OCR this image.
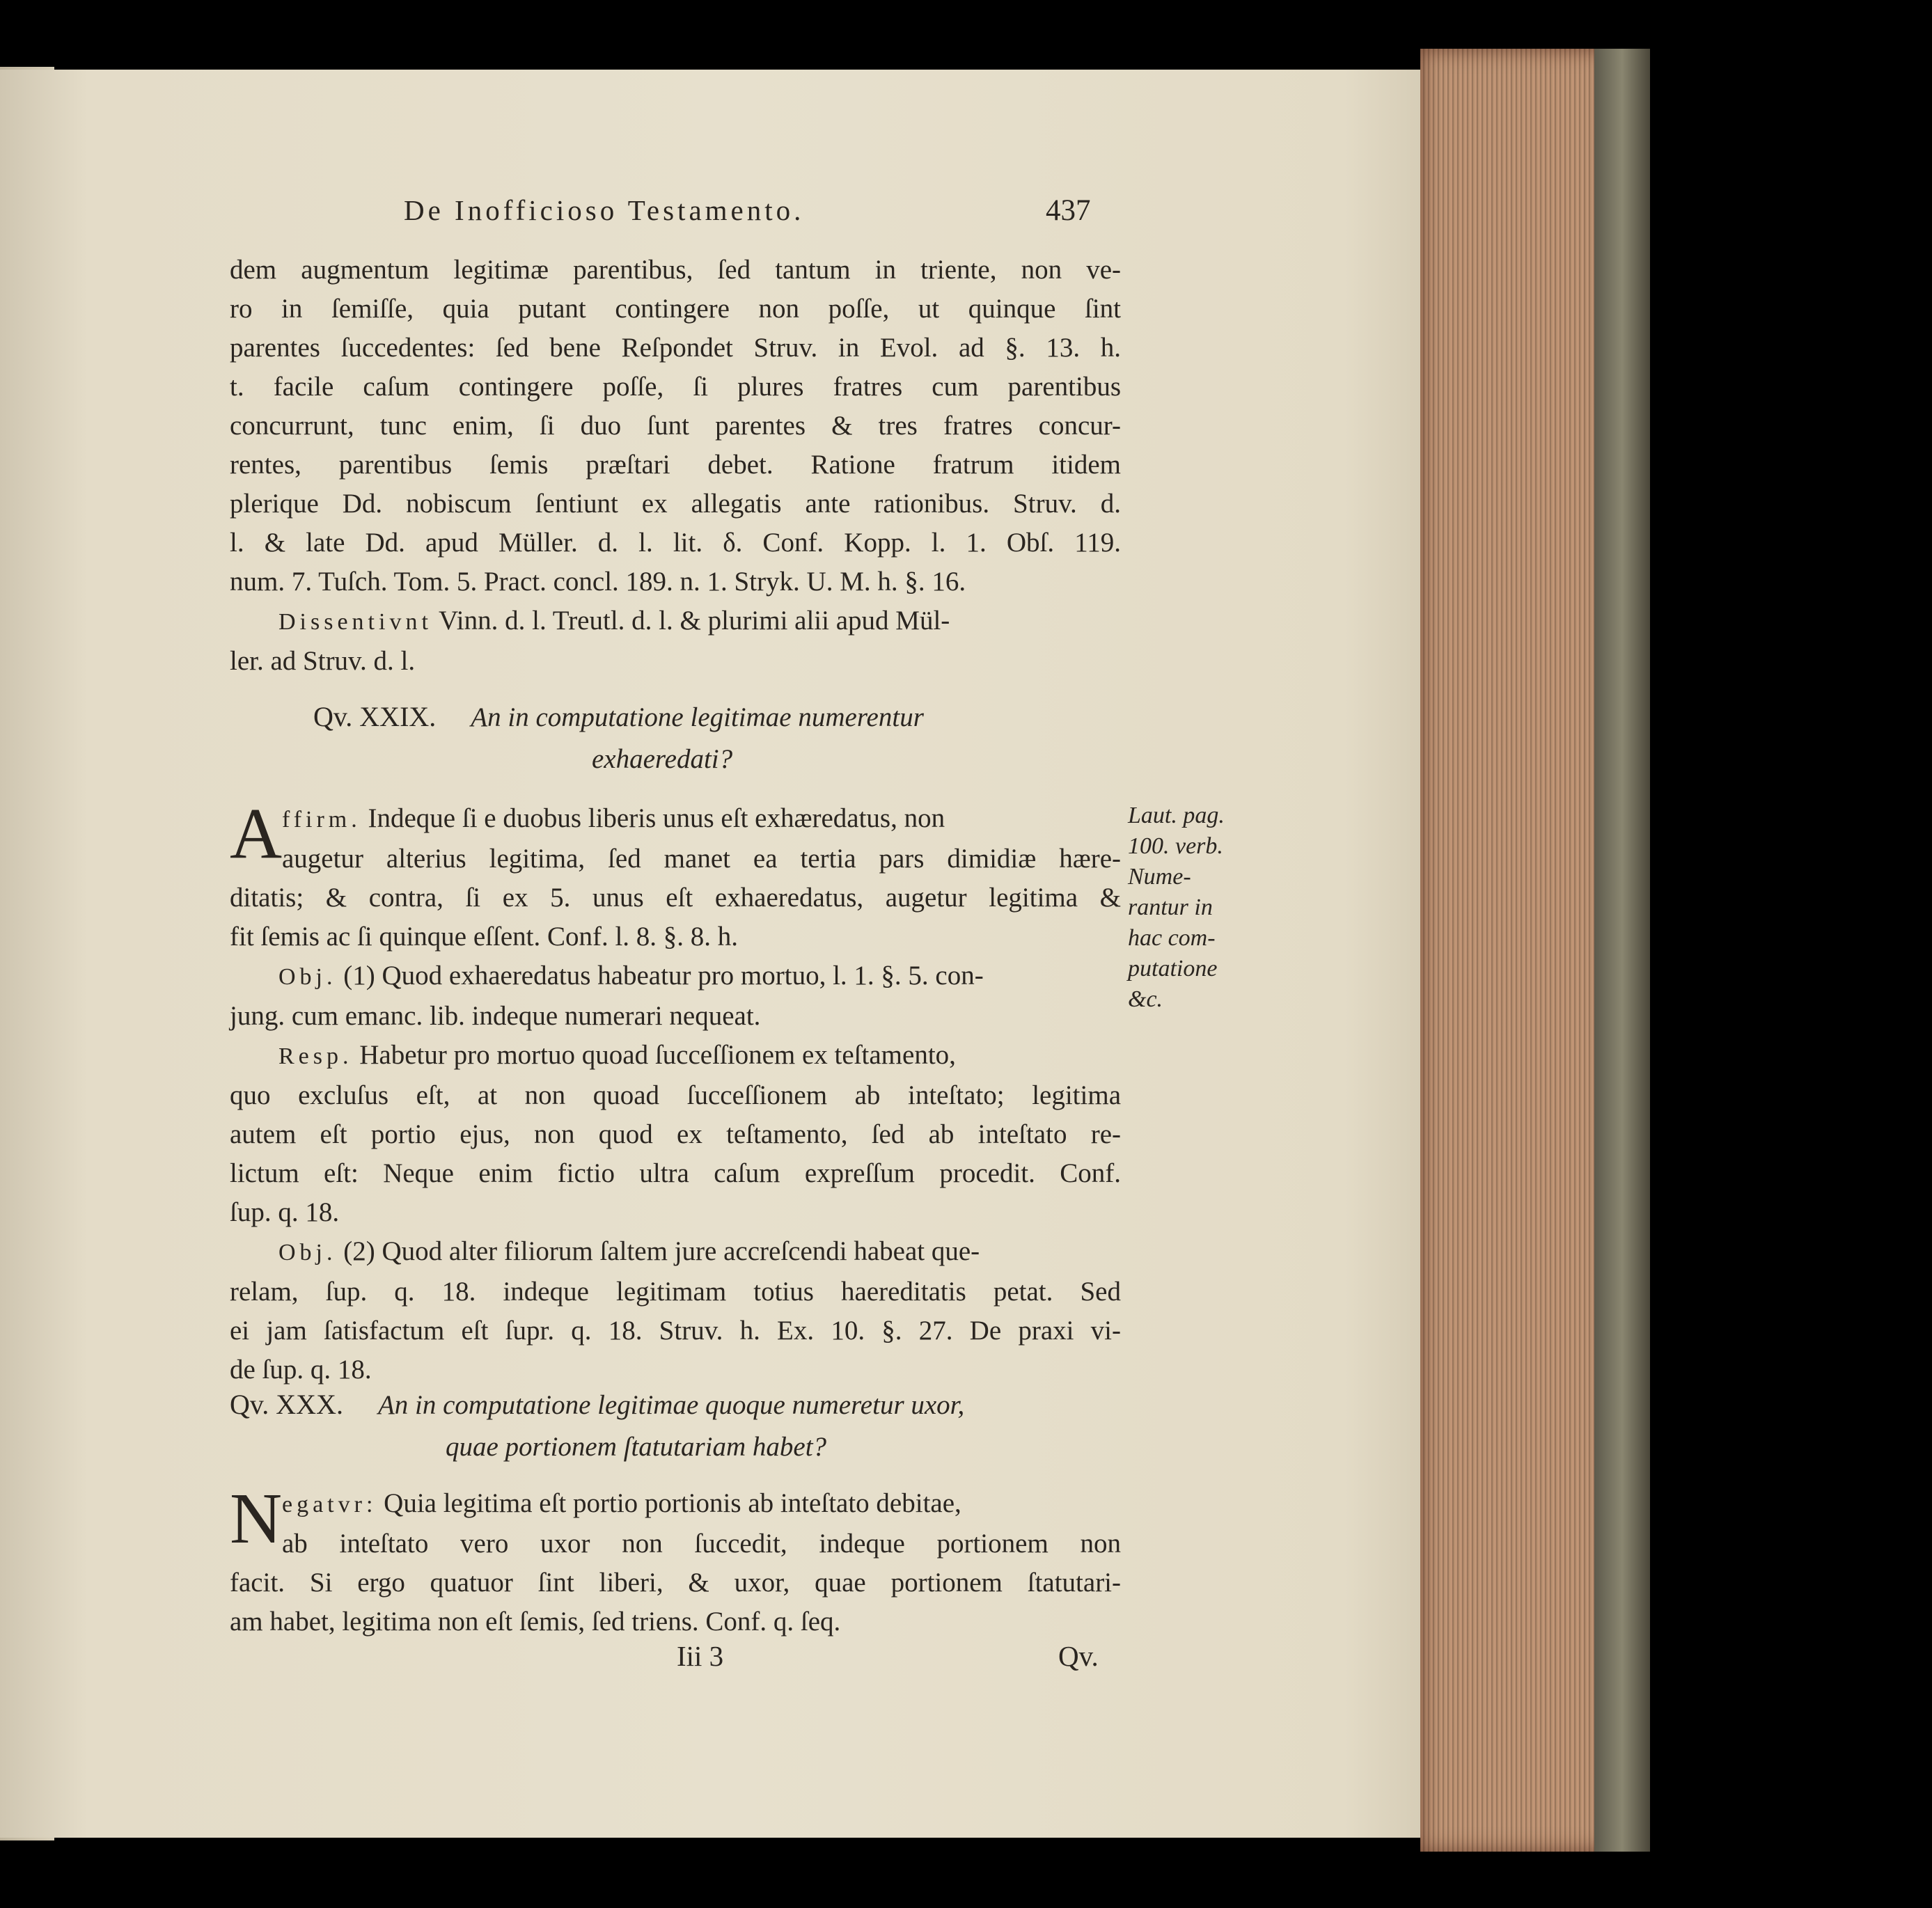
De Inofficioso Testamento.	437
dem augmentum legitimæ parentibus, ſed tantum in triente, non ve-
ro in ſemiſſe, quia putant contingere non poſſe, ut quinque ſint
parentes ſuccedentes: ſed bene Reſpondet Struv. in Evol. ad §. 13. h.
t. facile caſum contingere poſſe, ſi plures fratres cum parentibus
concurrunt, tunc enim, ſi duo ſunt parentes & tres fratres concur-
rentes, parentibus ſemis præſtari debet. Ratione fratrum itidem
plerique Dd. nobiscum ſentiunt ex allegatis ante rationibus. Struv. d.
l. & late Dd. apud Müller. d. l. lit. δ. Conf. Kopp. l. 1. Obſ. 119.
num. 7. Tuſch. Tom. 5. Pract. concl. 189. n. 1. Stryk. U. M. h. §. 16.
Dissentivnt Vinn. d. l. Treutl. d. l. & plurimi alii apud Mül-
ler. ad Struv. d. l.
Qv. XXIX. An in computatione legitimae numerentur
exhaeredati?
A ffirm. Indeque ſi e duobus liberis unus eſt exhæredatus, non
augetur alterius legitima, ſed manet ea tertia pars dimidiæ hære-
ditatis; & contra, ſi ex 5. unus eſt exhaeredatus, augetur legitima &
fit ſemis ac ſi quinque eſſent. Conf. l. 8. §. 8. h.
Obj. (1) Quod exhaeredatus habeatur pro mortuo, l. 1. §. 5. con-
jung. cum emanc. lib. indeque numerari nequeat.
Resp. Habetur pro mortuo quoad ſucceſſionem ex teſtamento,
quo excluſus eſt, at non quoad ſucceſſionem ab inteſtato; legitima
autem eſt portio ejus, non quod ex teſtamento, ſed ab inteſtato re-
lictum eſt: Neque enim fictio ultra caſum expreſſum procedit. Conf.
ſup. q. 18.
Obj. (2) Quod alter filiorum ſaltem jure accreſcendi habeat que-
relam, ſup. q. 18. indeque legitimam totius haereditatis petat. Sed
ei jam ſatisfactum eſt ſupr. q. 18. Struv. h. Ex. 10. §. 27. De praxi vi-
de ſup. q. 18.
Laut. pag.
100. verb.
Nume-
rantur in
hac com-
putatione
&c.
Qv. XXX. An in computatione legitimae quoque numeretur uxor,
quae portionem ſtatutariam habet?
N egatvr: Quia legitima eſt portio portionis ab inteſtato debitae,
ab inteſtato vero uxor non ſuccedit, indeque portionem non
facit. Si ergo quatuor ſint liberi, & uxor, quae portionem ſtatutari-
am habet, legitima non eſt ſemis, ſed triens. Conf. q. ſeq.
Iii 3	Qv.
